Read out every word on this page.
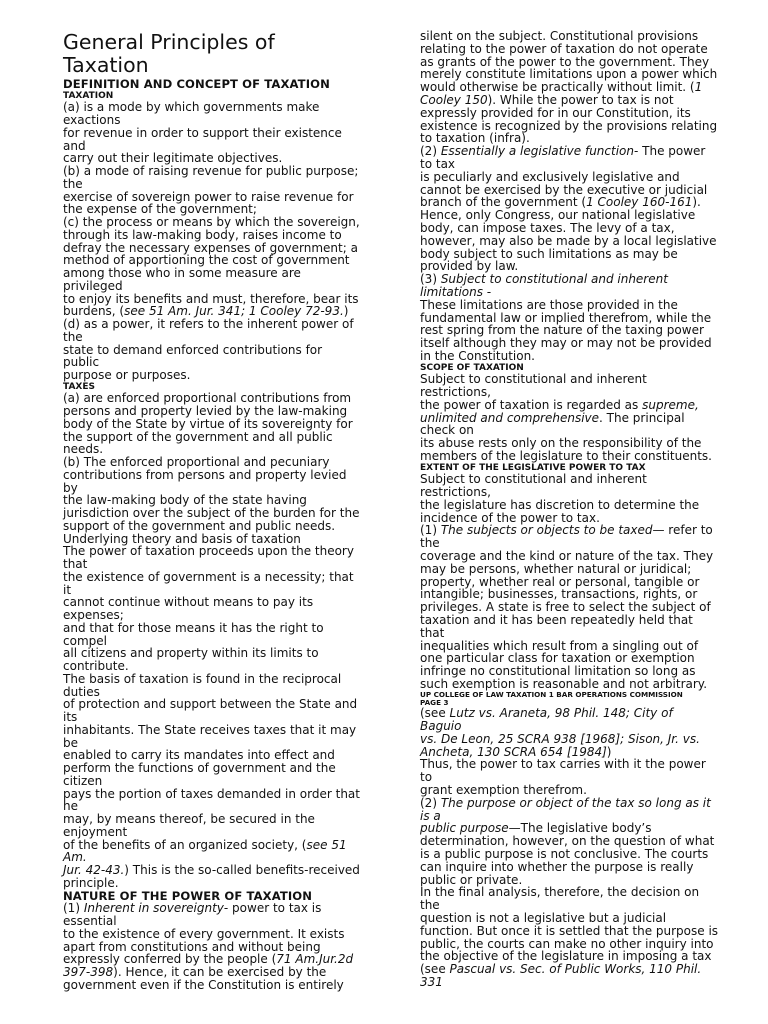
General Principles of
Taxation

DEFINITION AND CONCEPT OF TAXATION

TAXATION

(a) is a mode by which governments make

exactions

for revenue in order to support their existence

and

carry out their legitimate objectives.

(b) a mode of raising revenue for public purpose;

the

exercise of sovereign power to raise revenue for

the expense of the government;

(c) the process or means by which the sovereign,

through its law-making body, raises income to

defray the necessary expenses of government; a

method of apportioning the cost of government

among those who in some measure are

privileged

to enjoy its benefits and must, therefore, bear its

burdens, (see 51 Am. Jur. 341; 1 Cooley 72-93.)

(d) as a power, it refers to the inherent power of

the

state to demand enforced contributions for

public

purpose or purposes.

TAXES

(a) are enforced proportional contributions from

persons and property levied by the law-making

body of the State by virtue of its sovereignty for

the support of the government and all public

needs.

(b) The enforced proportional and pecuniary

contributions from persons and property levied

by

the law-making body of the state having

jurisdiction over the subject of the burden for the

support of the government and public needs.

Underlying theory and basis of taxation

The power of taxation proceeds upon the theory

that

the existence of government is a necessity; that

it

cannot continue without means to pay its

expenses;

and that for those means it has the right to

compel

all citizens and property within its limits to

contribute.

The basis of taxation is found in the reciprocal

duties

of protection and support between the State and

its

inhabitants. The State receives taxes that it may

be

enabled to carry its mandates into effect and

perform the functions of government and the

citizen

pays the portion of taxes demanded in order that

he

may, by means thereof, be secured in the

enjoyment

of the benefits of an organized society, (see 51

Am.

Jur. 42-43.) This is the so-called benefits-received

principle.

NATURE OF THE POWER OF TAXATION

(1) Inherent in sovereignty- power to tax is

essential

to the existence of every government. It exists

apart from constitutions and without being

expressly conferred by the people (71 Am.Jur.2d

397-398). Hence, it can be exercised by the

government even if the Constitution is entirely

silent on the subject. Constitutional provisions

relating to the power of taxation do not operate

as grants of the power to the government. They

merely constitute limitations upon a power which

would otherwise be practically without limit. (1

Cooley 150). While the power to tax is not

expressly provided for in our Constitution, its

existence is recognized by the provisions relating

to taxation (infra).

(2) Essentially a legislative function- The power

to tax

is peculiarly and exclusively legislative and

cannot be exercised by the executive or judicial

branch of the government (1 Cooley 160-161).

Hence, only Congress, our national legislative

body, can impose taxes. The levy of a tax,

however, may also be made by a local legislative

body subject to such limitations as may be

provided by law.

(3) Subject to constitutional and inherent

limitations -

These limitations are those provided in the

fundamental law or implied therefrom, while the

rest spring from the nature of the taxing power

itself although they may or may not be provided

in the Constitution.

SCOPE OF TAXATION

Subject to constitutional and inherent

restrictions,

the power of taxation is regarded as supreme,

unlimited and comprehensive. The principal

check on

its abuse rests only on the responsibility of the

members of the legislature to their constituents.

EXTENT OF THE LEGISLATIVE POWER TO TAX

Subject to constitutional and inherent

restrictions,

the legislature has discretion to determine the

incidence of the power to tax.

(1) The subjects or objects to be taxed— refer to

the

coverage and the kind or nature of the tax. They

may be persons, whether natural or juridical;

property, whether real or personal, tangible or

intangible; businesses, transactions, rights, or

privileges. A state is free to select the subject of

taxation and it has been repeatedly held that

that

inequalities which result from a singling out of

one particular class for taxation or exemption

infringe no constitutional limitation so long as

such exemption is reasonable and not arbitrary.

UP COLLEGE OF LAW TAXATION 1 BAR OPERATIONS COMMISSION

PAGE 3

(see Lutz vs. Araneta, 98 Phil. 148; City of

Baguio

vs. De Leon, 25 SCRA 938 [1968]; Sison, Jr. vs.

Ancheta, 130 SCRA 654 [1984])

Thus, the power to tax carries with it the power

to

grant exemption therefrom.

(2) The purpose or object of the tax so long as it

is a

public purpose—The legislative body’s

determination, however, on the question of what

is a public purpose is not conclusive. The courts

can inquire into whether the purpose is really

public or private.

In the final analysis, therefore, the decision on

the

question is not a legislative but a judicial

function. But once it is settled that the purpose is

public, the courts can make no other inquiry into

the objective of the legislature in imposing a tax

(see Pascual vs. Sec. of Public Works, 110 Phil.

331
